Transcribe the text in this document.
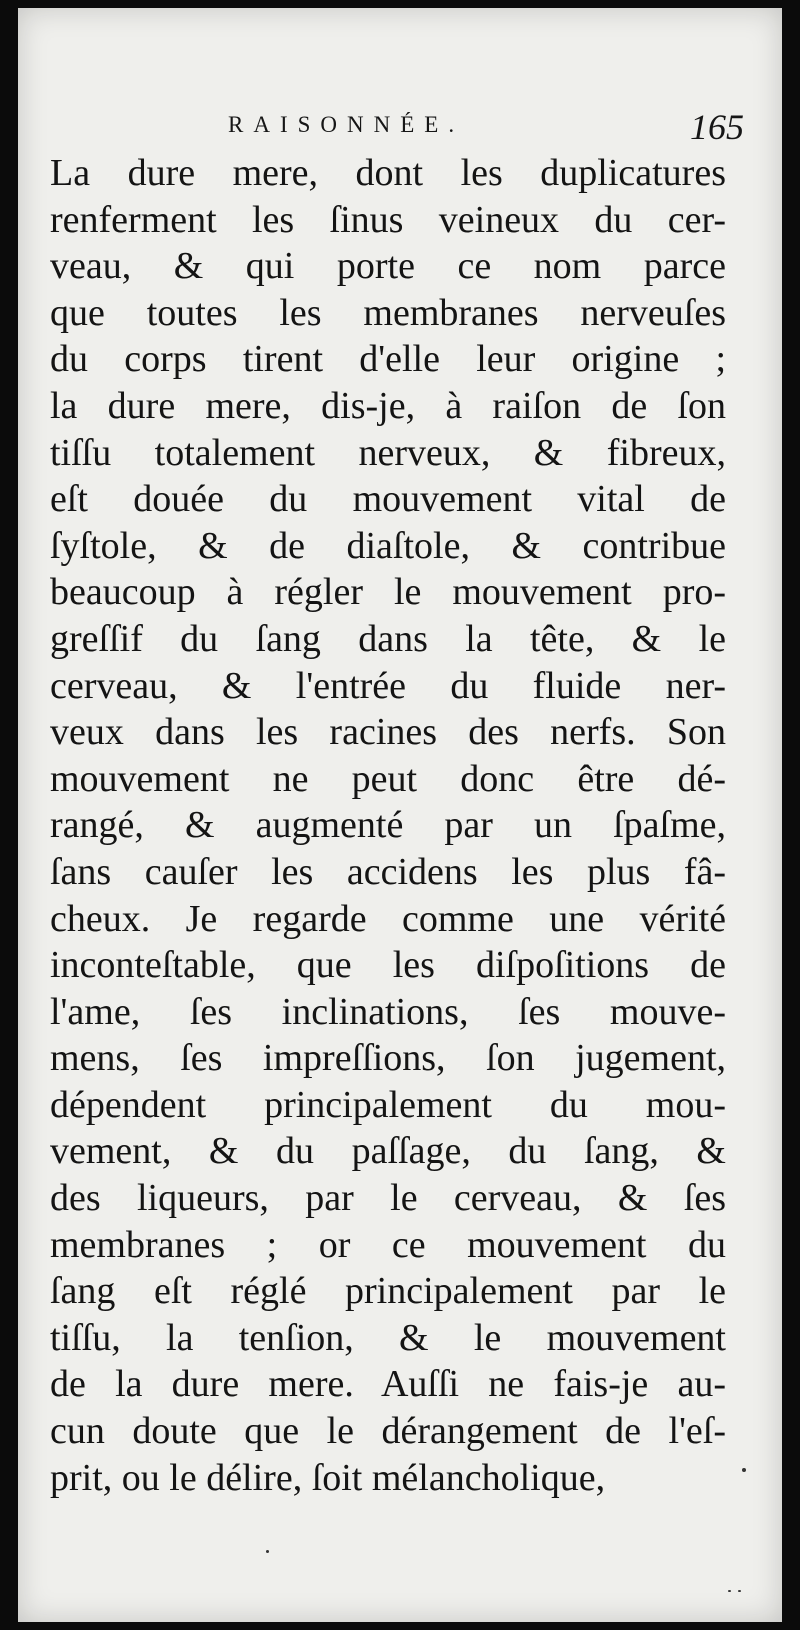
RAISONNÉE.	165
La dure mere, dont les duplicatures
renferment les ſinus veineux du cer-
veau, & qui porte ce nom parce
que toutes les membranes nerveuſes
du corps tirent d'elle leur origine ;
la dure mere, dis-je, à raiſon de ſon
tiſſu totalement nerveux, & fibreux,
eſt douée du mouvement vital de
ſyſtole, & de diaſtole, & contribue
beaucoup à régler le mouvement pro-
greſſif du ſang dans la tête, & le
cerveau, & l'entrée du fluide ner-
veux dans les racines des nerfs. Son
mouvement ne peut donc être dé-
rangé, & augmenté par un ſpaſme,
ſans cauſer les accidens les plus fâ-
cheux. Je regarde comme une vérité
inconteſtable, que les diſpoſitions de
l'ame, ſes inclinations, ſes mouve-
mens, ſes impreſſions, ſon jugement,
dépendent principalement du mou-
vement, & du paſſage, du ſang, &
des liqueurs, par le cerveau, & ſes
membranes ; or ce mouvement du
ſang eſt réglé principalement par le
tiſſu, la tenſion, & le mouvement
de la dure mere. Auſſi ne fais-je au-
cun doute que le dérangement de l'eſ-
prit, ou le délire, ſoit mélancholique,
